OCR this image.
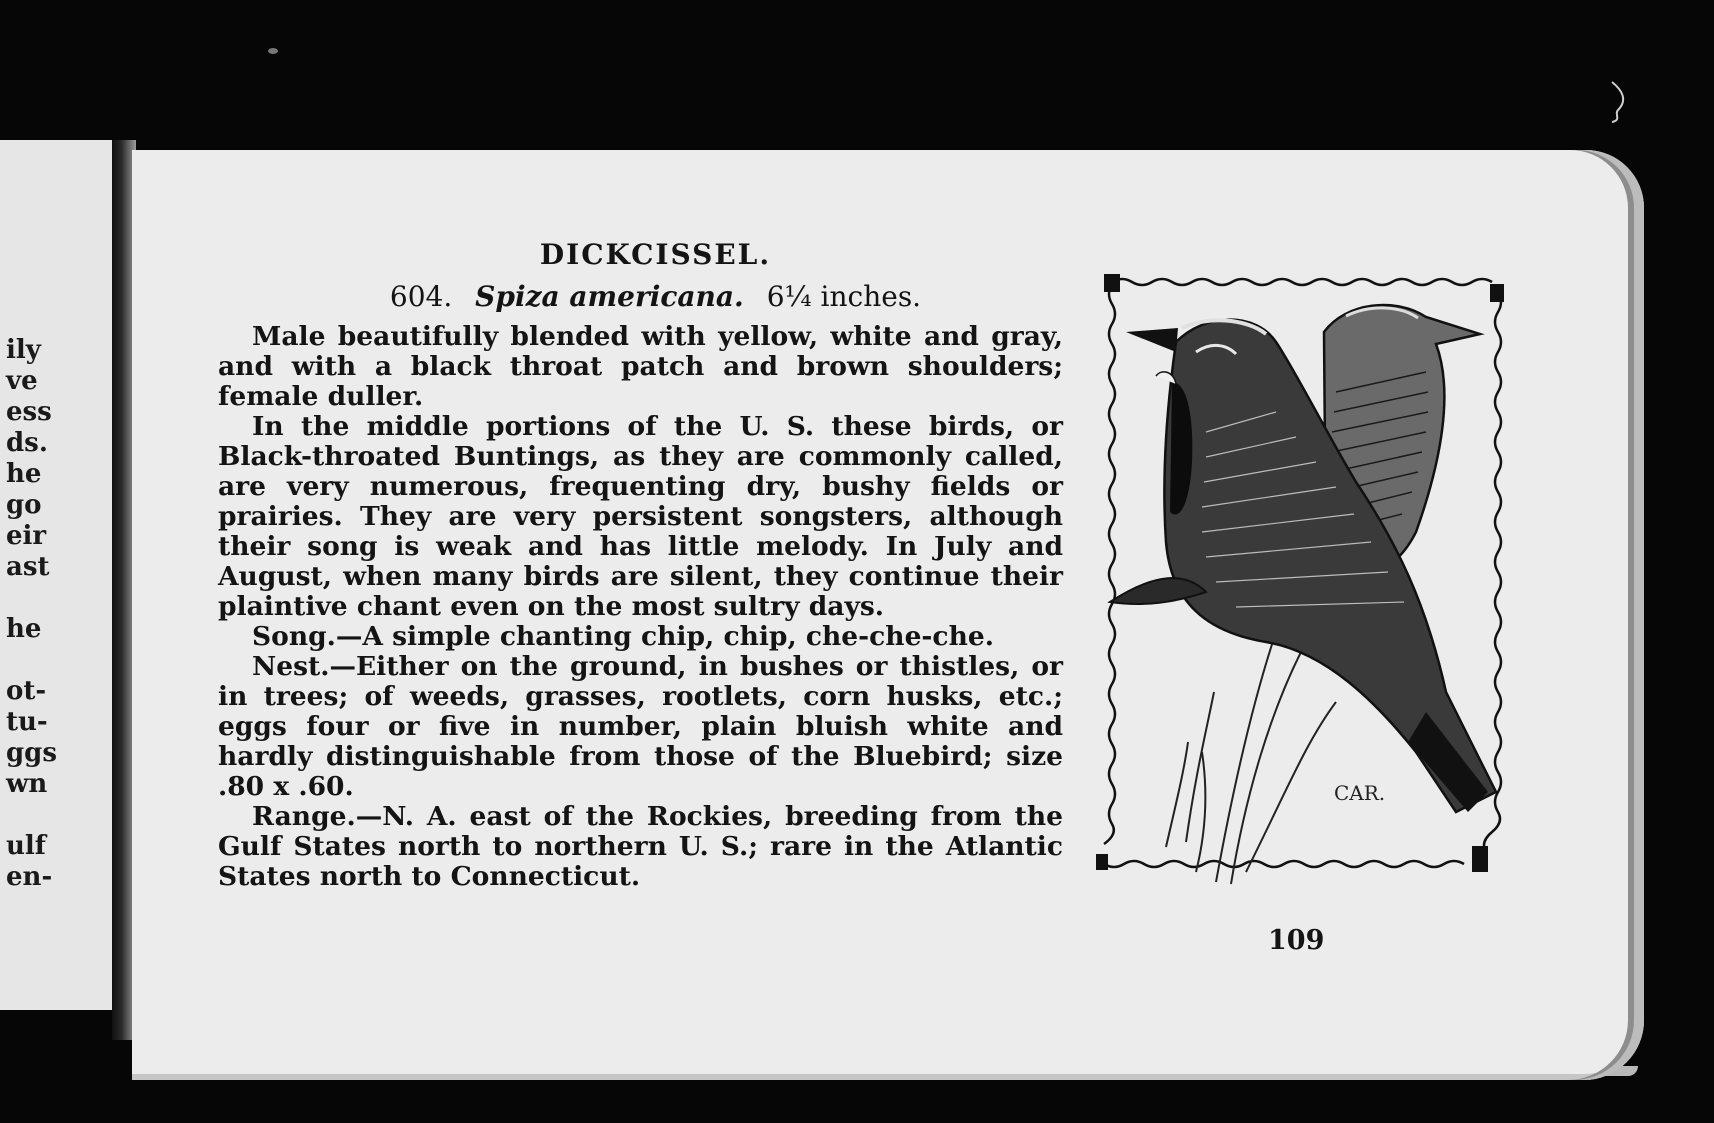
ily
ve
ess
ds.
he
go
eir
ast
he
ot-
tu-
ggs
wn
ulf
en-
DICKCISSEL.
604. Spiza americana. 6¼ inches.

Male beautifully blended with yellow, white and gray, and with a black throat patch and brown shoulders; female duller.

In the middle portions of the U. S. these birds, or Black-throated Buntings, as they are commonly called, are very numerous, frequenting dry, bushy fields or prairies. They are very persistent songsters, although their song is weak and has little melody. In July and August, when many birds are silent, they continue their plaintive chant even on the most sultry days.

Song.—A simple chanting chip, chip, che-che-che.

Nest.—Either on the ground, in bushes or thistles, or in trees; of weeds, grasses, rootlets, corn husks, etc.; eggs four or five in number, plain bluish white and hardly distinguishable from those of the Bluebird; size .80 x .60.

Range.—N. A. east of the Rockies, breeding from the Gulf States north to northern U. S.; rare in the Atlantic States north to Connecticut.

CAR.
109
